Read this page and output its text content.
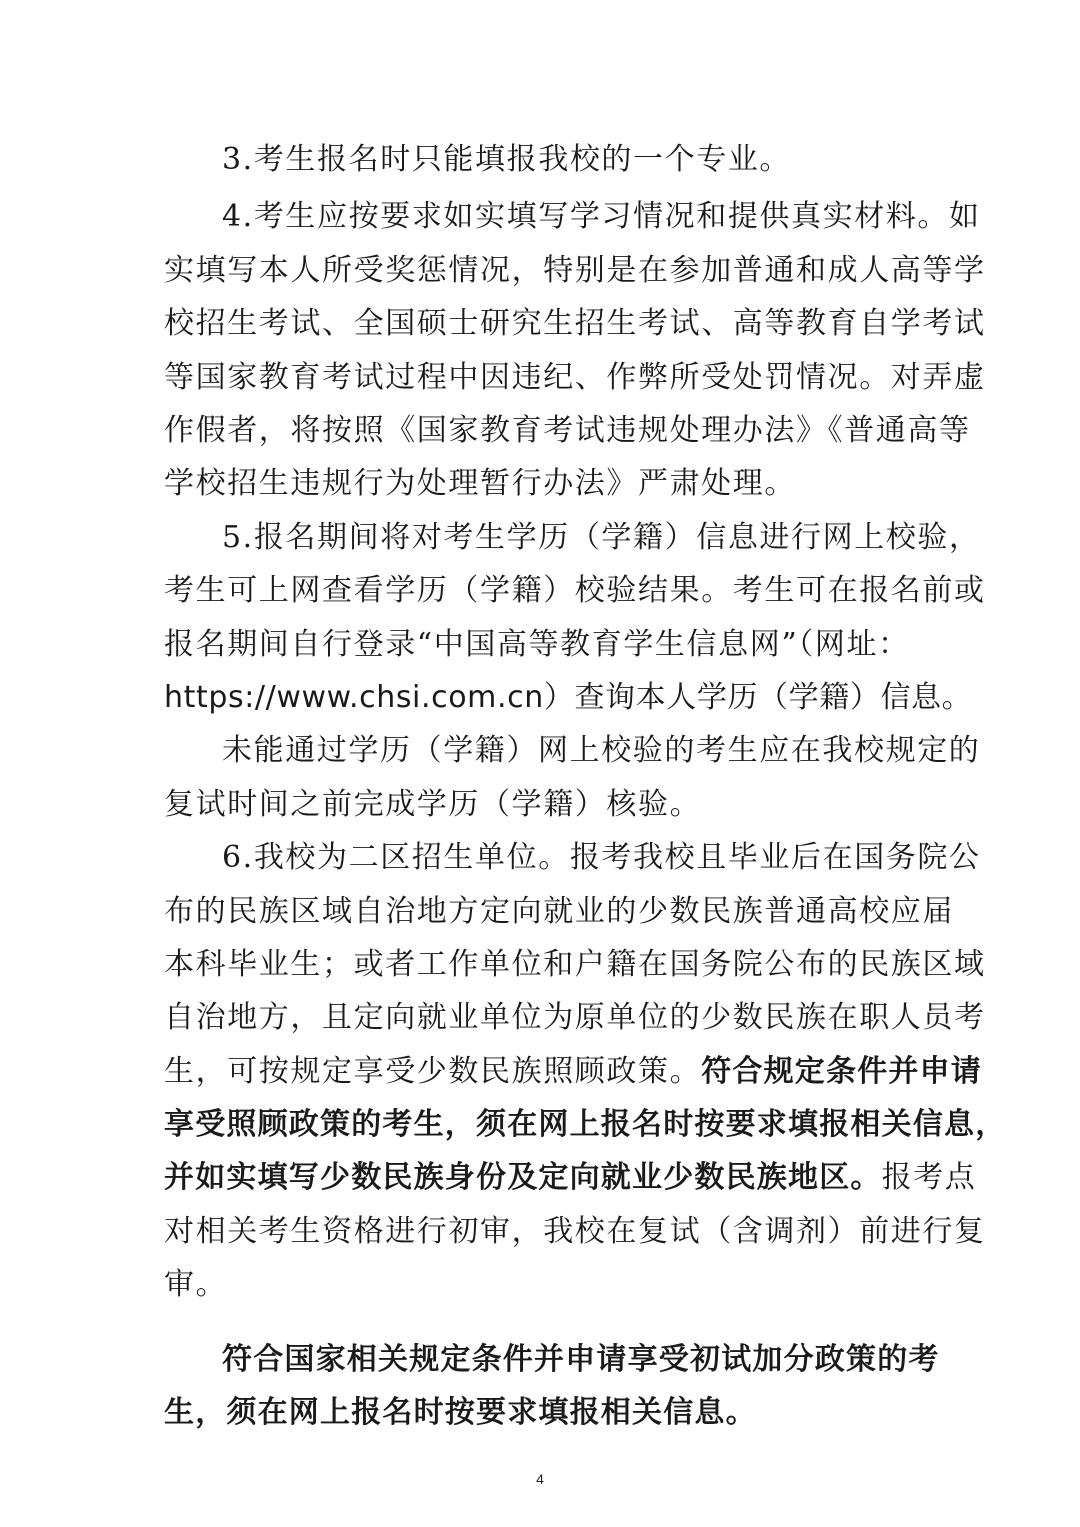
3.考生报名时只能填报我校的一个专业。

4.考生应按要求如实填写学习情况和提供真实材料。如

实填写本人所受奖惩情况，特别是在参加普通和成人高等学

校招生考试、全国硕士研究生招生考试、高等教育自学考试

等国家教育考试过程中因违纪、作弊所受处罚情况。对弄虚

作假者，将按照《国家教育考试违规处理办法》《普通高等

学校招生违规行为处理暂行办法》严肃处理。

5.报名期间将对考生学历（学籍）信息进行网上校验，

考生可上网查看学历（学籍）校验结果。考生可在报名前或

报名期间自行登录“中国高等教育学生信息网”（网址：

https://www.chsi.com.cn）查询本人学历（学籍）信息。

未能通过学历（学籍）网上校验的考生应在我校规定的

复试时间之前完成学历（学籍）核验。

6.我校为二区招生单位。报考我校且毕业后在国务院公

布的民族区域自治地方定向就业的少数民族普通高校应届

本科毕业生；或者工作单位和户籍在国务院公布的民族区域

自治地方，且定向就业单位为原单位的少数民族在职人员考

生，可按规定享受少数民族照顾政策。符合规定条件并申请

享受照顾政策的考生，须在网上报名时按要求填报相关信息，

并如实填写少数民族身份及定向就业少数民族地区。报考点

对相关考生资格进行初审，我校在复试（含调剂）前进行复

审。

符合国家相关规定条件并申请享受初试加分政策的考

生，须在网上报名时按要求填报相关信息。

4
